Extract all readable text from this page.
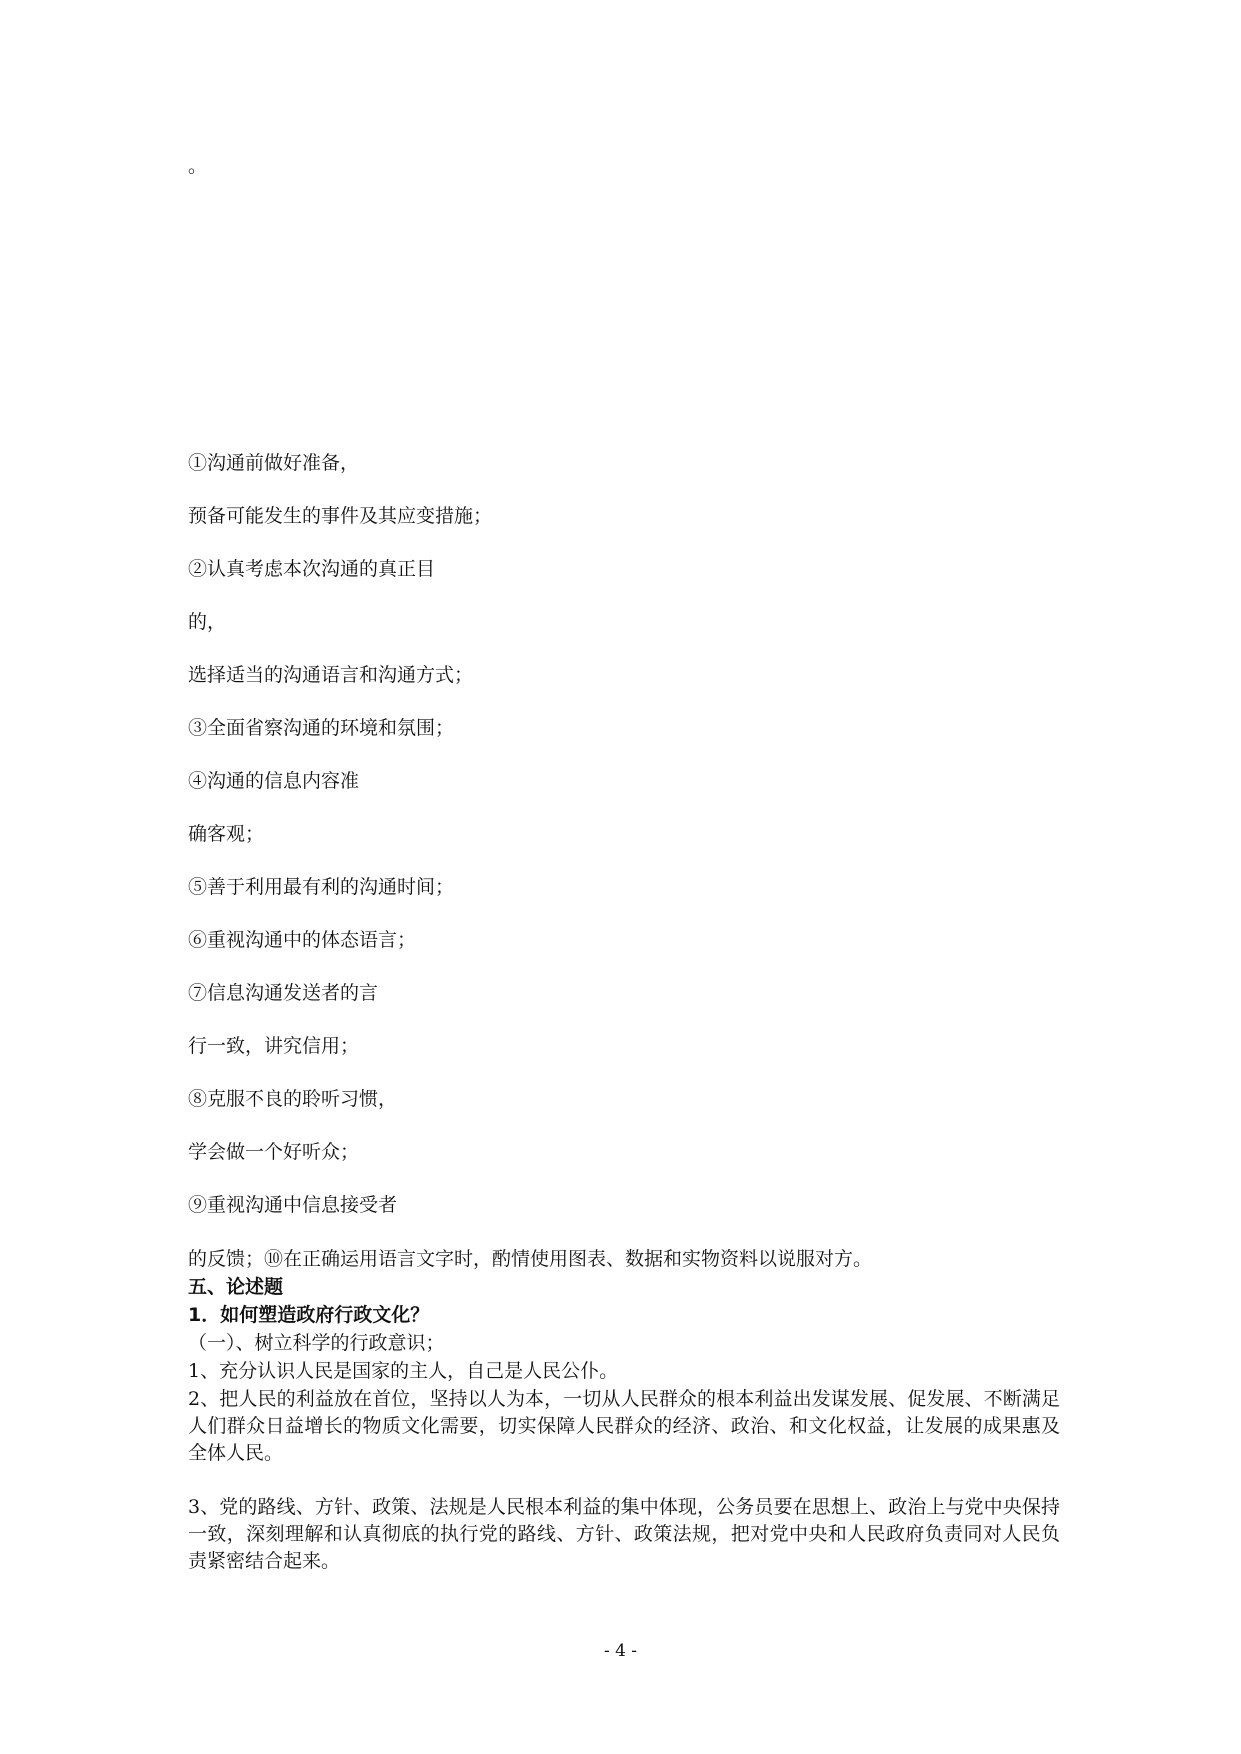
。
①沟通前做好准备，
预备可能发生的事件及其应变措施；
②认真考虑本次沟通的真正目
的，
选择适当的沟通语言和沟通方式；
③全面省察沟通的环境和氛围；
④沟通的信息内容准
确客观；
⑤善于利用最有利的沟通时间；
⑥重视沟通中的体态语言；
⑦信息沟通发送者的言
行一致，讲究信用；
⑧克服不良的聆听习惯，
学会做一个好听众；
⑨重视沟通中信息接受者
的反馈；⑩在正确运用语言文字时，酌情使用图表、数据和实物资料以说服对方。
五、论述题
1．如何塑造政府行政文化？
（一）、树立科学的行政意识；
1、充分认识人民是国家的主人，自己是人民公仆。
2、把人民的利益放在首位，坚持以人为本，一切从人民群众的根本利益出发谋发展、促发展、不断满足人们群众日益增长的物质文化需要，切实保障人民群众的经济、政治、和文化权益，让发展的成果惠及全体人民。
3、党的路线、方针、政策、法规是人民根本利益的集中体现，公务员要在思想上、政治上与党中央保持一致，深刻理解和认真彻底的执行党的路线、方针、政策法规，把对党中央和人民政府负责同对人民负责紧密结合起来。
- 4 -
